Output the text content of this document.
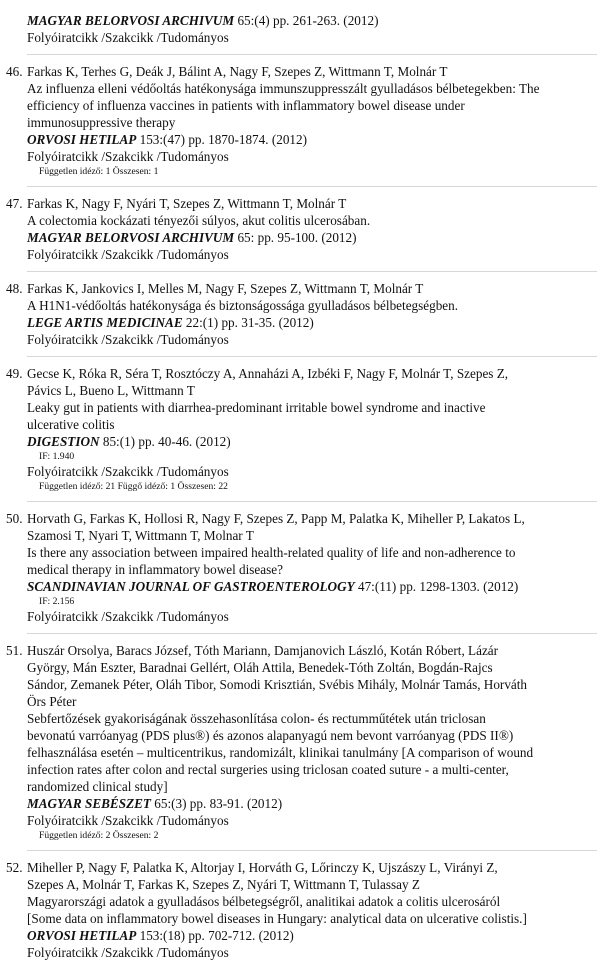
MAGYAR BELORVOSI ARCHIVUM 65:(4) pp. 261-263. (2012)
Folyóiratcikk /Szakcikk /Tudományos
46. Farkas K, Terhes G, Deák J, Bálint A, Nagy F, Szepes Z, Wittmann T, Molnár T
Az influenza elleni védőoltás hatékonysága immunszuppresszált gyulladásos bélbetegekben: The
efficiency of influenza vaccines in patients with inflammatory bowel disease under
immunosuppressive therapy
ORVOSI HETILAP 153:(47) pp. 1870-1874. (2012)
Folyóiratcikk /Szakcikk /Tudományos
Független idéző: 1 Összesen: 1
47. Farkas K, Nagy F, Nyári T, Szepes Z, Wittmann T, Molnár T
A colectomia kockázati tényezői súlyos, akut colitis ulcerosában.
MAGYAR BELORVOSI ARCHIVUM 65: pp. 95-100. (2012)
Folyóiratcikk /Szakcikk /Tudományos
48. Farkas K, Jankovics I, Melles M, Nagy F, Szepes Z, Wittmann T, Molnár T
A H1N1-védőoltás hatékonysága és biztonságossága gyulladásos bélbetegségben.
LEGE ARTIS MEDICINAE 22:(1) pp. 31-35. (2012)
Folyóiratcikk /Szakcikk /Tudományos
49. Gecse K, Róka R, Séra T, Rosztóczy A, Annaházi A, Izbéki F, Nagy F, Molnár T, Szepes Z,
Pávics L, Bueno L, Wittmann T
Leaky gut in patients with diarrhea-predominant irritable bowel syndrome and inactive
ulcerative colitis
DIGESTION 85:(1) pp. 40-46. (2012)
IF: 1.940
Folyóiratcikk /Szakcikk /Tudományos
Független idéző: 21 Függő idéző: 1 Összesen: 22
50. Horvath G, Farkas K, Hollosi R, Nagy F, Szepes Z, Papp M, Palatka K, Miheller P, Lakatos L,
Szamosi T, Nyari T, Wittmann T, Molnar T
Is there any association between impaired health-related quality of life and non-adherence to
medical therapy in inflammatory bowel disease?
SCANDINAVIAN JOURNAL OF GASTROENTEROLOGY 47:(11) pp. 1298-1303. (2012)
IF: 2.156
Folyóiratcikk /Szakcikk /Tudományos
51. Huszár Orsolya, Baracs József, Tóth Mariann, Damjanovich László, Kotán Róbert, Lázár
György, Mán Eszter, Baradnai Gellért, Oláh Attila, Benedek-Tóth Zoltán, Bogdán-Rajcs
Sándor, Zemanek Péter, Oláh Tibor, Somodi Krisztián, Svébis Mihály, Molnár Tamás, Horváth
Örs Péter
Sebfertőzések gyakoriságának összehasonlítása colon- és rectumműtétek után triclosan
bevonatú varróanyag (PDS plus®) és azonos alapanyagú nem bevont varróanyag (PDS II®)
felhasználása esetén – multicentrikus, randomizált, klinikai tanulmány [A comparison of wound
infection rates after colon and rectal surgeries using triclosan coated suture - a multi-center,
randomized clinical study]
MAGYAR SEBÉSZET 65:(3) pp. 83-91. (2012)
Folyóiratcikk /Szakcikk /Tudományos
Független idéző: 2 Összesen: 2
52. Miheller P, Nagy F, Palatka K, Altorjay I, Horváth G, Lőrinczy K, Ujszászy L, Virányi Z,
Szepes A, Molnár T, Farkas K, Szepes Z, Nyári T, Wittmann T, Tulassay Z
Magyarországi adatok a gyulladásos bélbetegségről, analitikai adatok a colitis ulcerosáról
[Some data on inflammatory bowel diseases in Hungary: analytical data on ulcerative colistis.]
ORVOSI HETILAP 153:(18) pp. 702-712. (2012)
Folyóiratcikk /Szakcikk /Tudományos
